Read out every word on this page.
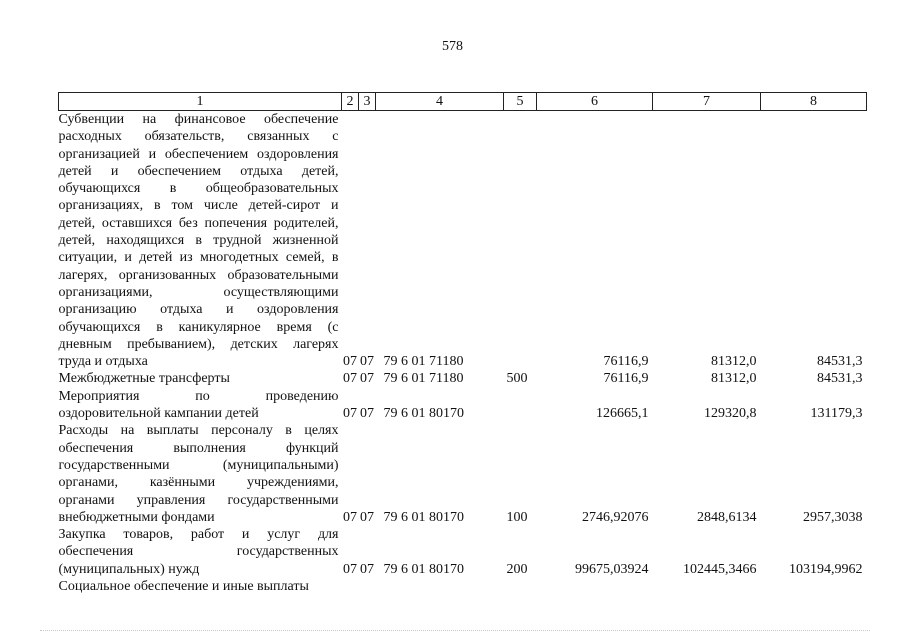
578
1	2	3	4	5	6	7	8
Субвенции на финансовое обеспечение расходных обязательств, связанных с организацией и обеспечением оздоровления детей и обеспечением отдыха детей, обучающихся в общеобразовательных организациях, в том числе детей-сирот и детей, оставшихся без попечения родителей, детей, находящихся в трудной жизненной ситуации, и детей из многодетных семей, в лагерях, организованных образовательными организациями, осуществляющими организацию отдыха и оздоровления обучающихся в каникулярное время (с дневным пребыванием), детских лагерях труда и отдыха	07	07	79 6 01 71180		76116,9	81312,0	84531,3
Межбюджетные трансферты	07	07	79 6 01 71180	500	76116,9	81312,0	84531,3
Мероприятия по проведению оздоровительной кампании детей	07	07	79 6 01 80170		126665,1	129320,8	131179,3
Расходы на выплаты персоналу в целях обеспечения выполнения функций государственными (муниципальными) органами, казёнными учреждениями, органами управления государственными внебюджетными фондами	07	07	79 6 01 80170	100	2746,92076	2848,6134	2957,3038
Закупка товаров, работ и услуг для обеспечения государственных (муниципальных) нужд	07	07	79 6 01 80170	200	99675,03924	102445,3466	103194,9962
Социальное обеспечение и иные выплаты							
